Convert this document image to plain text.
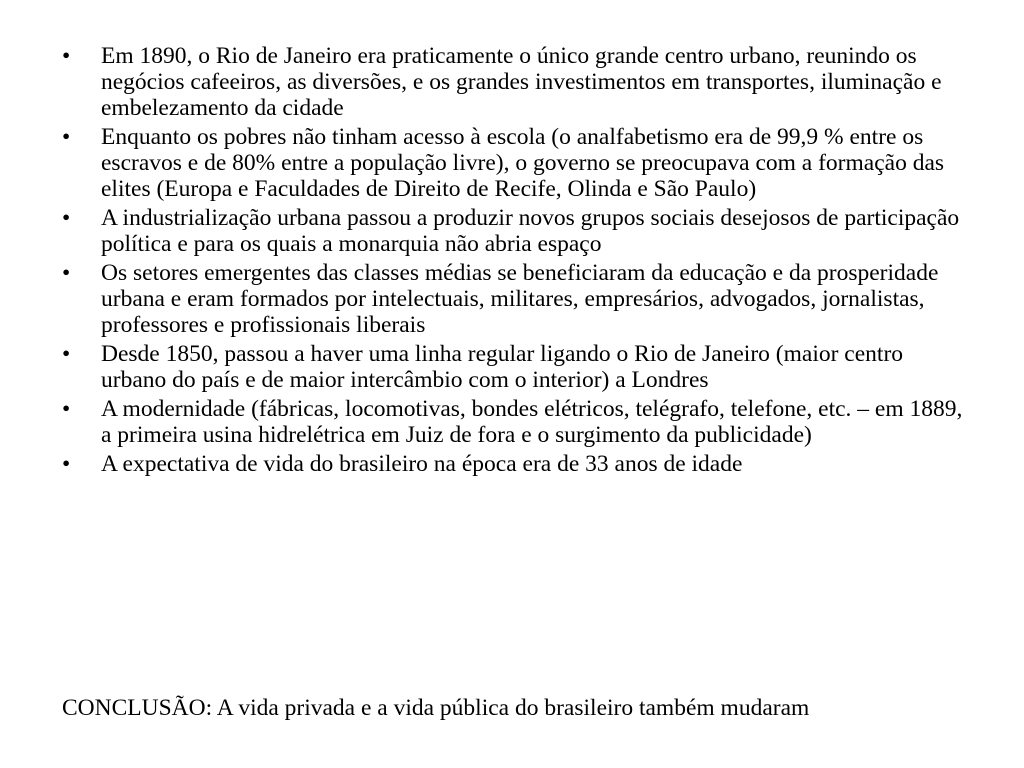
•	Em 1890, o Rio de Janeiro era praticamente o único grande centro urbano, reunindo os negócios cafeeiros, as diversões, e os grandes investimentos em transportes, iluminação e embelezamento da cidade
•	Enquanto os pobres não tinham acesso à escola (o analfabetismo era de 99,9 % entre os escravos e de 80% entre a população livre), o governo se preocupava com a formação das elites (Europa e Faculdades de Direito de Recife, Olinda e São Paulo)
•	A industrialização urbana passou a produzir novos grupos sociais desejosos de participação política e para os quais a monarquia não abria espaço
•	Os setores emergentes das classes médias se beneficiaram da educação e da prosperidade urbana e eram formados por intelectuais, militares, empresários, advogados, jornalistas, professores e profissionais liberais
•	Desde 1850, passou a haver uma linha regular ligando o Rio de Janeiro (maior centro urbano do país e de maior intercâmbio com o interior) a Londres
•	A modernidade (fábricas, locomotivas, bondes elétricos, telégrafo, telefone, etc. – em 1889, a primeira usina hidrelétrica em Juiz de fora e o surgimento da publicidade)
•	A expectativa de vida do brasileiro na época era de 33 anos de idade

CONCLUSÃO: A vida privada e a vida pública do brasileiro também mudaram
